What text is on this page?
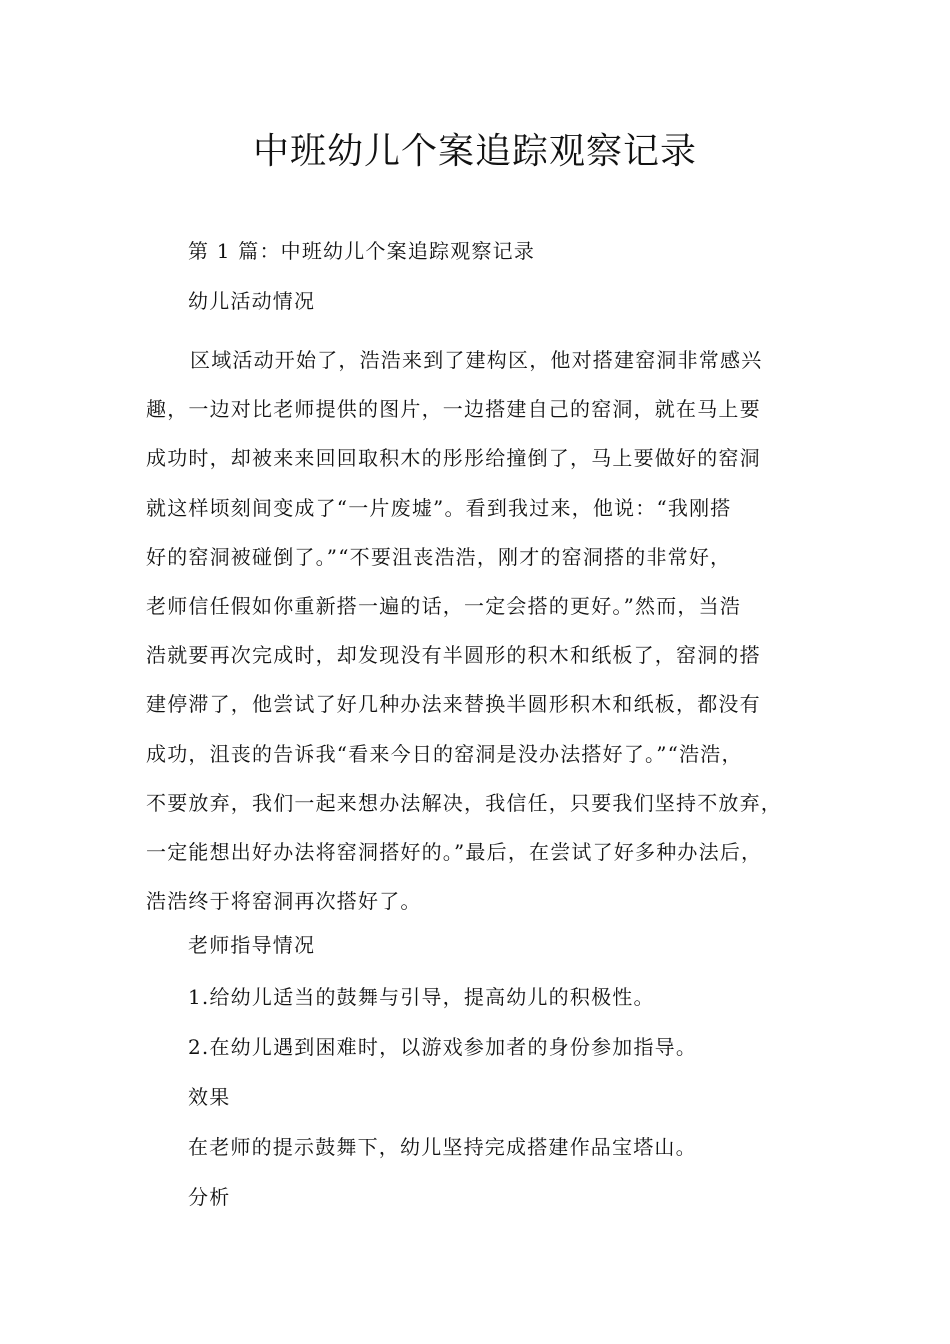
中班幼儿个案追踪观察记录

第 1 篇：中班幼儿个案追踪观察记录

幼儿活动情况

区域活动开始了，浩浩来到了建构区，他对搭建窑洞非常感兴
趣，一边对比老师提供的图片，一边搭建自己的窑洞，就在马上要
成功时，却被来来回回取积木的彤彤给撞倒了，马上要做好的窑洞
就这样顷刻间变成了“一片废墟”。看到我过来，他说：“我刚搭
好的窑洞被碰倒了。”“不要沮丧浩浩，刚才的窑洞搭的非常好，
老师信任假如你重新搭一遍的话，一定会搭的更好。”然而，当浩
浩就要再次完成时，却发现没有半圆形的积木和纸板了，窑洞的搭
建停滞了，他尝试了好几种办法来替换半圆形积木和纸板，都没有
成功，沮丧的告诉我“看来今日的窑洞是没办法搭好了。”“浩浩，
不要放弃，我们一起来想办法解决，我信任，只要我们坚持不放弃，
一定能想出好办法将窑洞搭好的。”最后，在尝试了好多种办法后，
浩浩终于将窑洞再次搭好了。

老师指导情况

1.给幼儿适当的鼓舞与引导，提高幼儿的积极性。

2.在幼儿遇到困难时，以游戏参加者的身份参加指导。

效果

在老师的提示鼓舞下，幼儿坚持完成搭建作品宝塔山。

分析
